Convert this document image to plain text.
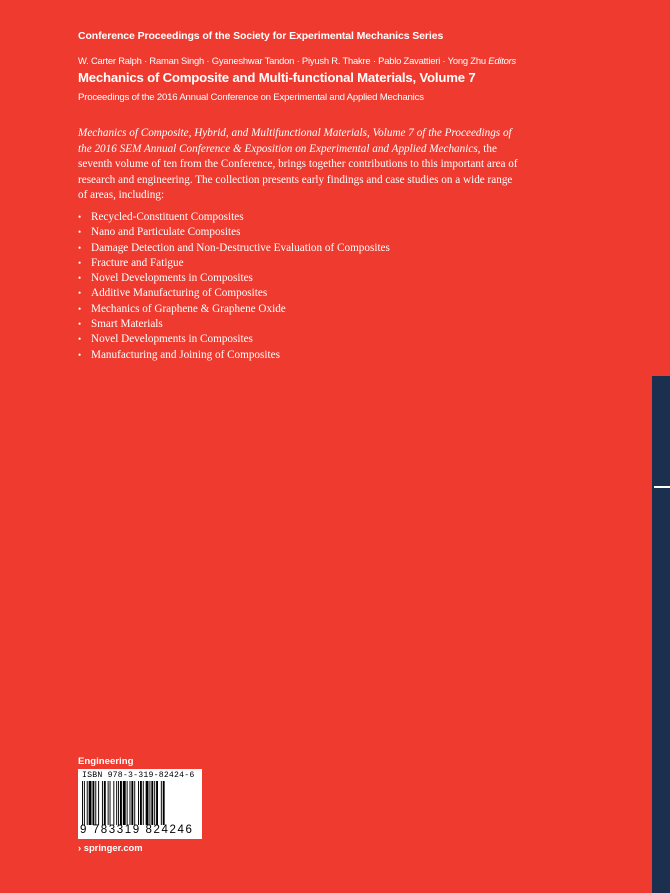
Conference Proceedings of the Society for Experimental Mechanics Series
W. Carter Ralph · Raman Singh · Gyaneshwar Tandon · Piyush R. Thakre · Pablo Zavattieri · Yong Zhu Editors
Mechanics of Composite and Multi-functional Materials, Volume 7
Proceedings of the 2016 Annual Conference on Experimental and Applied Mechanics

Mechanics of Composite, Hybrid, and Multifunctional Materials, Volume 7 of the Proceedings of the 2016 SEM Annual Conference & Exposition on Experimental and Applied Mechanics, the seventh volume of ten from the Conference, brings together contributions to this important area of research and engineering. The collection presents early findings and case studies on a wide range of areas, including:

• Recycled-Constituent Composites
• Nano and Particulate Composites
• Damage Detection and Non-Destructive Evaluation of Composites
• Fracture and Fatigue
• Novel Developments in Composites
• Additive Manufacturing of Composites
• Mechanics of Graphene & Graphene Oxide
• Smart Materials
• Novel Developments in Composites
• Manufacturing and Joining of Composites
Engineering
ISBN 978-3-319-82424-6
9 783319 824246
› springer.com
